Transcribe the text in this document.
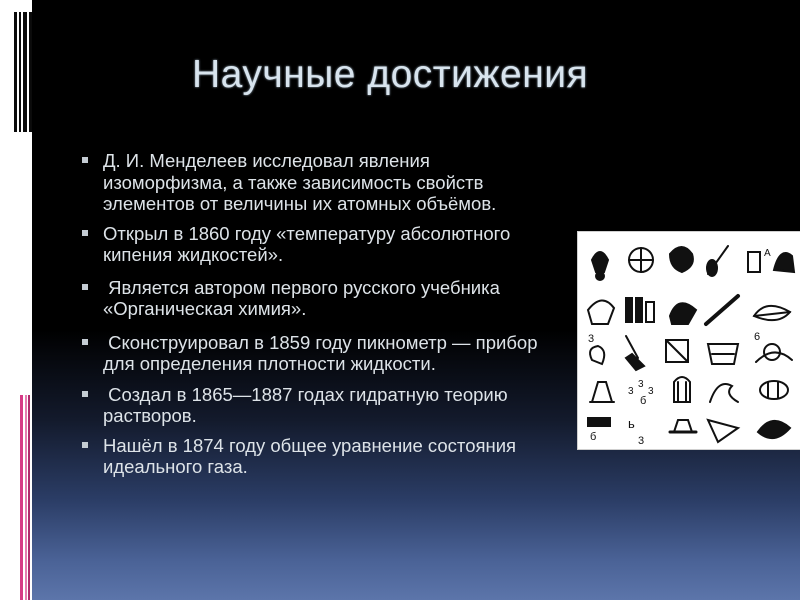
Научные достижения
Д. И. Менделеев исследовал явления изоморфизма, а также зависимость свойств элементов от величины их атомных объёмов.
Открыл в 1860 году «температуру абсолютного кипения жидкостей».
Является автором первого русского учебника «Органическая химия».
Сконструировал в 1859 году пикнометр — прибор для определения плотности жидкости.
Создал в 1865—1887 годах гидратную теорию растворов.
Нашёл в 1874 году общее уравнение состояния идеального газа.
А
3	6
3
3
3
б
б
ь
3
